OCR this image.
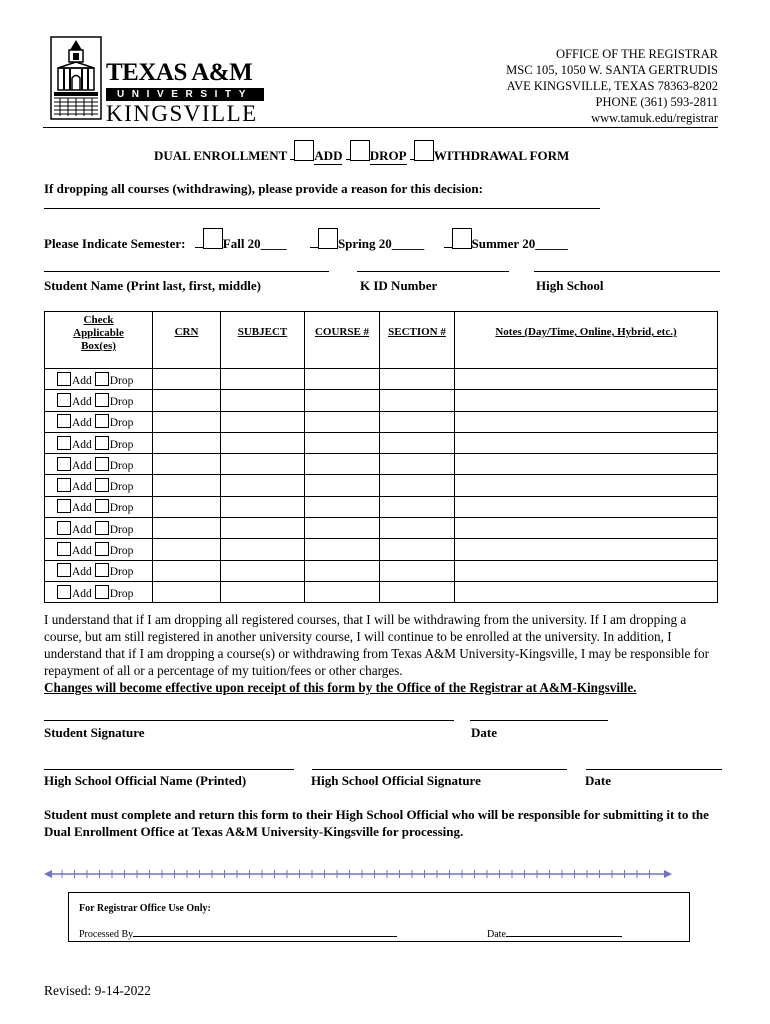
TEXAS A&M
UNIVERSITY
KINGSVILLE
OFFICE OF THE REGISTRAR
MSC 105, 1050 W. SANTA GERTRUDIS
AVE KINGSVILLE, TEXAS 78363-8202
PHONE (361) 593-2811
www.tamuk.edu/registrar
DUAL ENROLLMENT ADD DROP WITHDRAWAL FORM
If dropping all courses (withdrawing), please provide a reason for this decision:
Please Indicate Semester:	Fall 20____	Spring 20_____	Summer 20_____
Student Name (Print last, first, middle)	K ID Number	High School
Check
Applicable
Box(es)	CRN	SUBJECT	COURSE #	SECTION #	Notes (Day/Time, Online, Hybrid, etc.)
Add Drop					
Add Drop					
Add Drop					
Add Drop					
Add Drop					
Add Drop					
Add Drop					
Add Drop					
Add Drop					
Add Drop					
Add Drop					
I understand that if I am dropping all registered courses, that I will be withdrawing from the university. If I am dropping a course, but am still registered in another university course, I will continue to be enrolled at the university. In addition, I understand that if I am dropping a course(s) or withdrawing from Texas A&M University-Kingsville, I may be responsible for repayment of all or a percentage of my tuition/fees or other charges.
Changes will become effective upon receipt of this form by the Office of the Registrar at A&M-Kingsville.
Student Signature	Date
High School Official Name (Printed)	High School Official Signature	Date
Student must complete and return this form to their High School Official who will be responsible for submitting it to the Dual Enrollment Office at Texas A&M University-Kingsville for processing.
For Registrar Office Use Only:
Processed By	Date
Revised: 9-14-2022
